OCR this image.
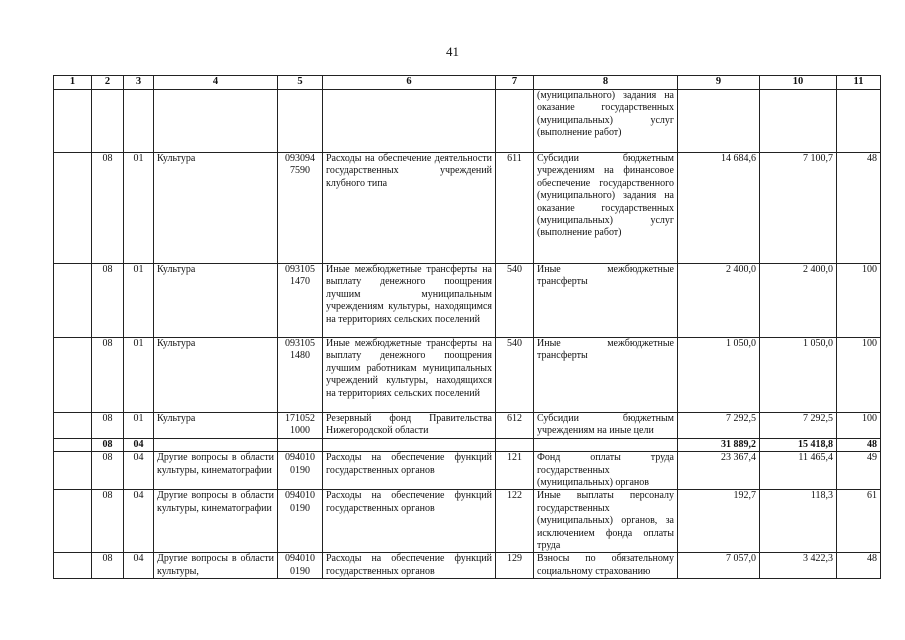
41
1	2	3	4	5	6	7	8	9	10	11
							(муниципального) задания на оказание государственных (муниципальных) услуг (выполнение работ)			
	08	01	Культура	093094 7590	Расходы на обеспечение деятельности государственных учреждений клубного типа	611	Субсидии бюджетным учреждениям на финансовое обеспечение государственного (муниципального) задания на оказание государственных (муниципальных) услуг (выполнение работ)	14 684,6	7 100,7	48
	08	01	Культура	093105 1470	Иные межбюджетные трансферты на выплату денежного поощрения лучшим муниципальным учреждениям культуры, находящимся на территориях сельских поселений	540	Иные межбюджетные трансферты	2 400,0	2 400,0	100
	08	01	Культура	093105 1480	Иные межбюджетные трансферты на выплату денежного поощрения лучшим работникам муниципальных учреждений культуры, находящихся на территориях сельских поселений	540	Иные межбюджетные трансферты	1 050,0	1 050,0	100
	08	01	Культура	171052 1000	Резервный фонд Правительства Нижегородской области	612	Субсидии бюджетным учреждениям на иные цели	7 292,5	7 292,5	100
	08	04						31 889,2	15 418,8	48
	08	04	Другие вопросы в области культуры, кинематографии	094010 0190	Расходы на обеспечение функций государственных органов	121	Фонд оплаты труда государственных (муниципальных) органов	23 367,4	11 465,4	49
	08	04	Другие вопросы в области культуры, кинематографии	094010 0190	Расходы на обеспечение функций государственных органов	122	Иные выплаты персоналу государственных (муниципальных) органов, за исключением фонда оплаты труда	192,7	118,3	61
	08	04	Другие вопросы в области культуры,	094010 0190	Расходы на обеспечение функций государственных органов	129	Взносы по обязательному социальному страхованию	7 057,0	3 422,3	48
